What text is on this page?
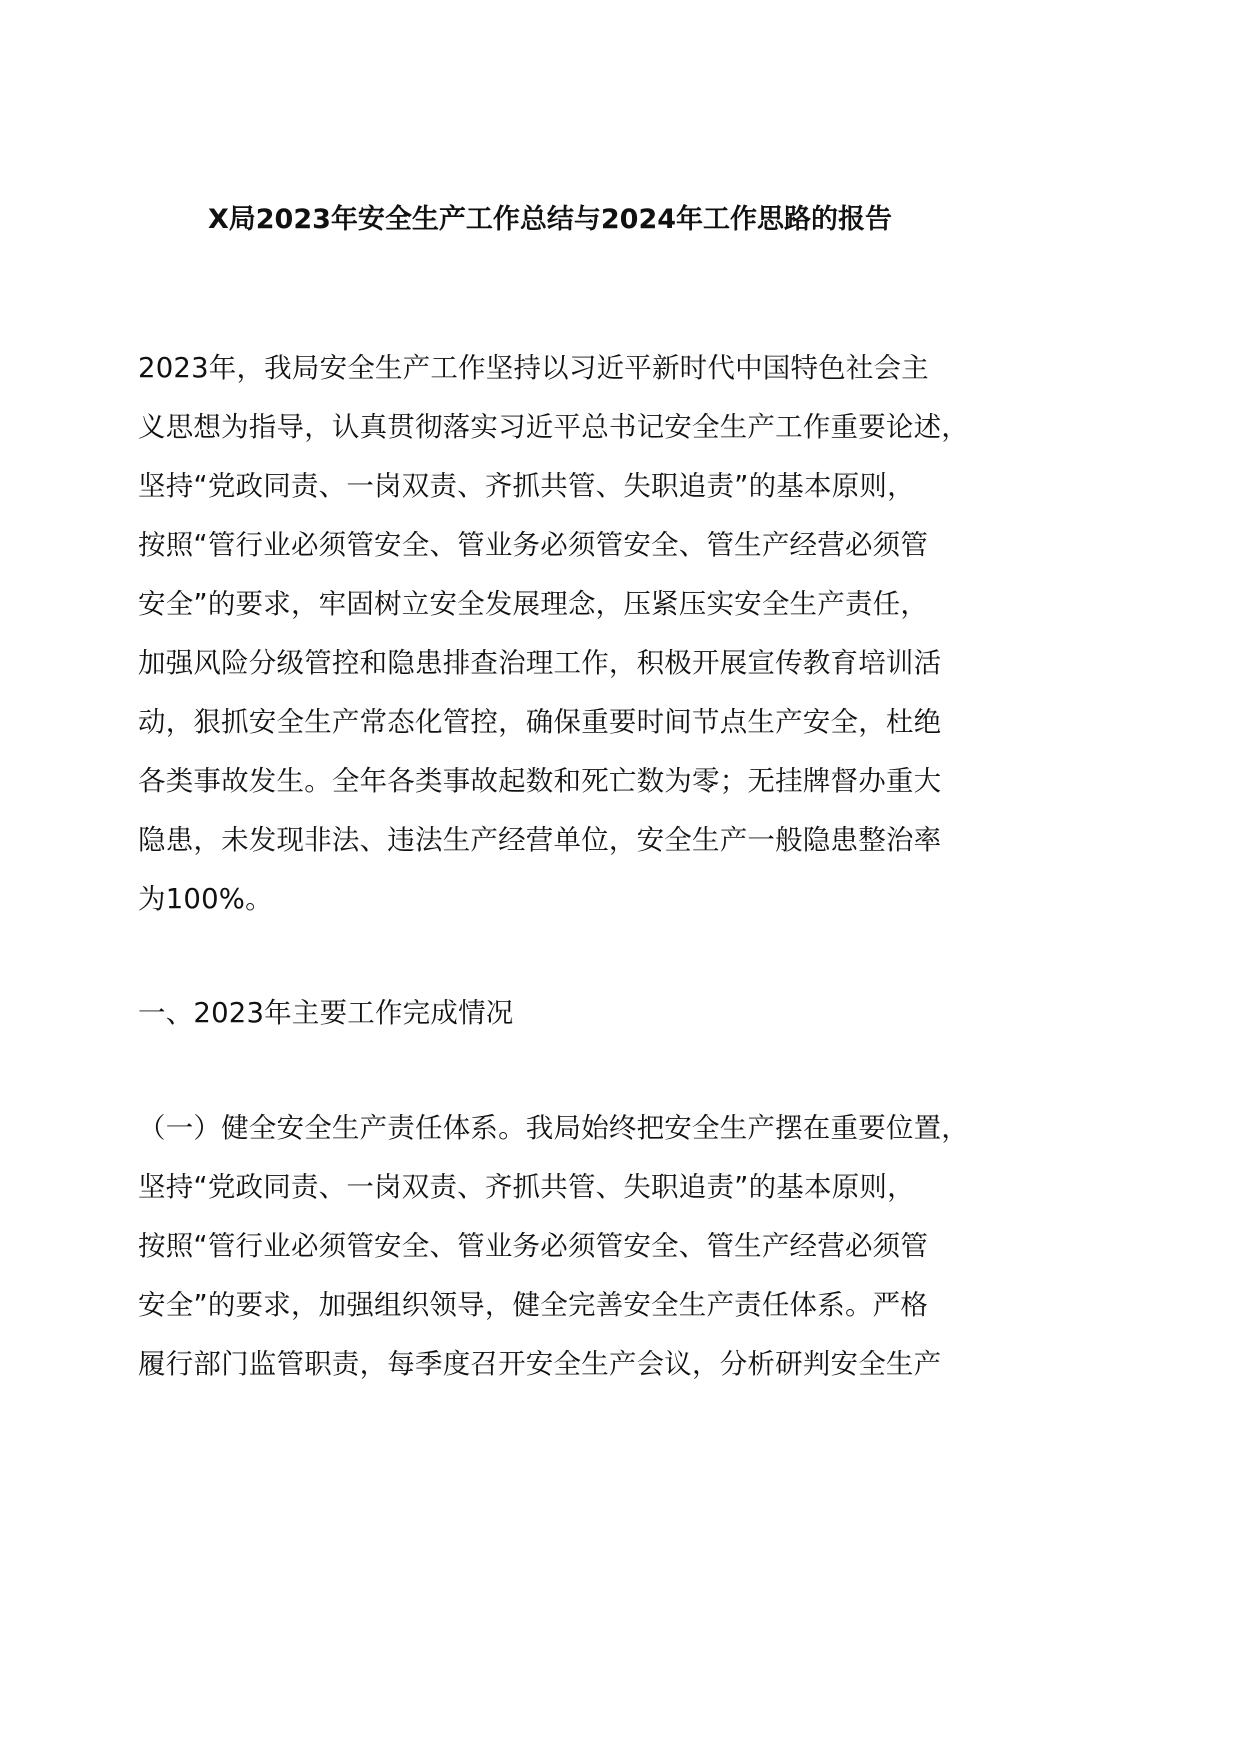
X局2023年安全生产工作总结与2024年工作思路的报告
2023年，我局安全生产工作坚持以习近平新时代中国特色社会主
义思想为指导，认真贯彻落实习近平总书记安全生产工作重要论述，
坚持“党政同责、一岗双责、齐抓共管、失职追责”的基本原则，
按照“管行业必须管安全、管业务必须管安全、管生产经营必须管
安全”的要求，牢固树立安全发展理念，压紧压实安全生产责任，
加强风险分级管控和隐患排查治理工作，积极开展宣传教育培训活
动，狠抓安全生产常态化管控，确保重要时间节点生产安全，杜绝
各类事故发生。全年各类事故起数和死亡数为零；无挂牌督办重大
隐患，未发现非法、违法生产经营单位，安全生产一般隐患整治率
为100%。
一、2023年主要工作完成情况
（一）健全安全生产责任体系。我局始终把安全生产摆在重要位置，
坚持“党政同责、一岗双责、齐抓共管、失职追责”的基本原则，
按照“管行业必须管安全、管业务必须管安全、管生产经营必须管
安全”的要求，加强组织领导，健全完善安全生产责任体系。严格
履行部门监管职责，每季度召开安全生产会议，分析研判安全生产
